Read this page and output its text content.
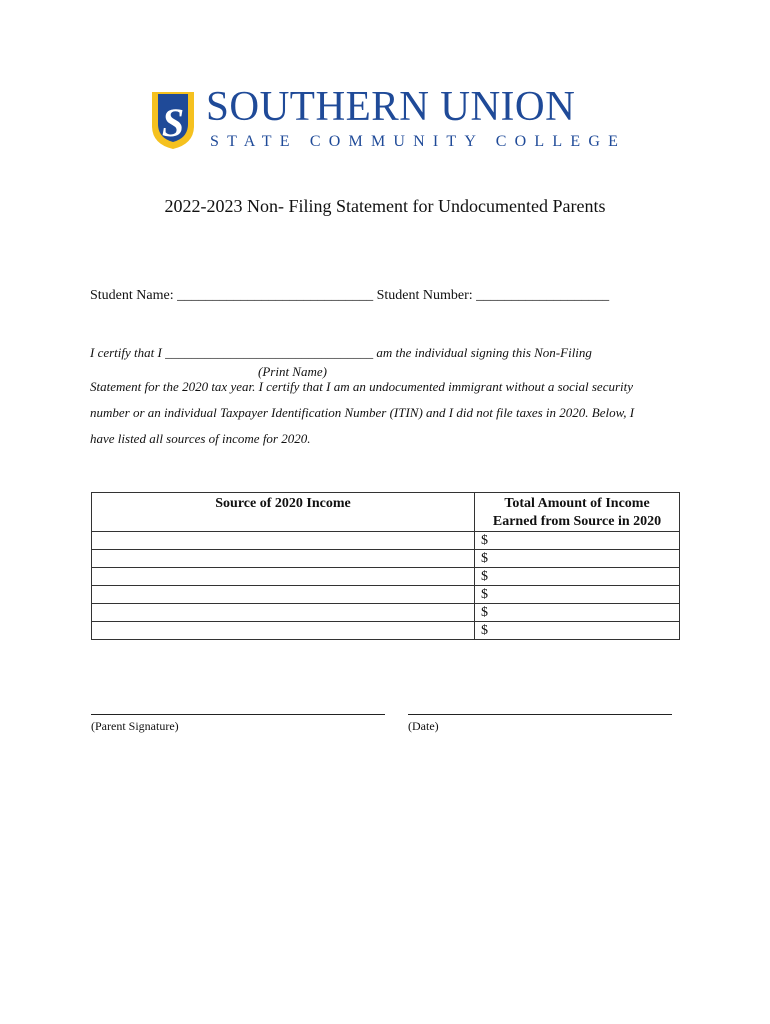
S SOUTHERN UNION
STATE COMMUNITY COLLEGE
2022-2023 Non- Filing Statement for Undocumented Parents
Student Name: ____________________________ Student Number: ___________________
I certify that I ________________________________ am the individual signing this Non-Filing
(Print Name)
Statement for the 2020 tax year. I certify that I am an undocumented immigrant without a social security
number or an individual Taxpayer Identification Number (ITIN) and I did not file taxes in 2020. Below, I
have listed all sources of income for 2020.
Source of 2020 Income	Total Amount of Income
Earned from Source in 2020
	$
	$
	$
	$
	$
	$
(Parent Signature)	(Date)
